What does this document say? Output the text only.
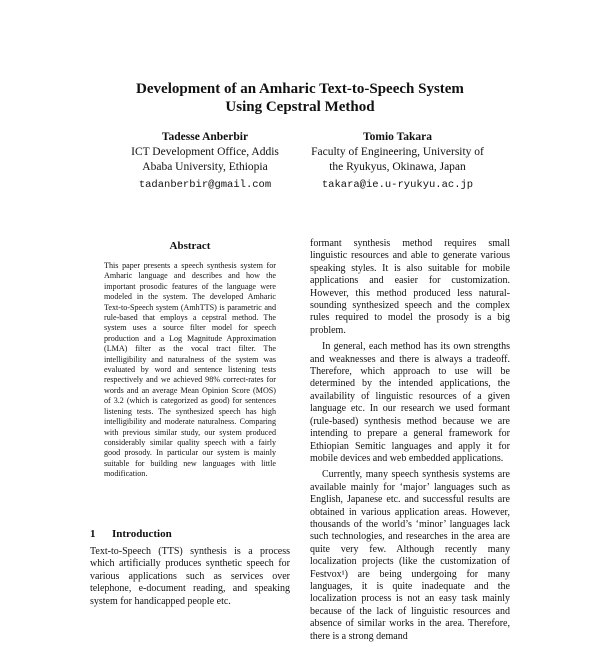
Development of an Amharic Text-to-Speech System
Using Cepstral Method
Tadesse Anberbir
ICT Development Office, Addis
Ababa University, Ethiopia
tadanberbir@gmail.com
Tomio Takara
Faculty of Engineering, University of
the Ryukyus, Okinawa, Japan
takara@ie.u-ryukyu.ac.jp
Abstract
This paper presents a speech synthesis system for Amharic language and describes and how the important prosodic features of the language were modeled in the system. The developed Amharic Text-to-Speech system (AmhTTS) is parametric and rule-based that employs a cepstral method. The system uses a source filter model for speech production and a Log Magnitude Approximation (LMA) filter as the vocal tract filter. The intelligibility and naturalness of the system was evaluated by word and sentence listening tests respectively and we achieved 98% correct-rates for words and an average Mean Opinion Score (MOS) of 3.2 (which is categorized as good) for sentences listening tests. The synthesized speech has high intelligibility and moderate naturalness. Comparing with previous similar study, our system produced considerably similar quality speech with a fairly good prosody. In particular our system is mainly suitable for building new languages with little modification.
1 Introduction
Text-to-Speech (TTS) synthesis is a process which artificially produces synthetic speech for various applications such as services over telephone, e-document reading, and speaking system for handicapped people etc.

formant synthesis method requires small linguistic resources and able to generate various speaking styles. It is also suitable for mobile applications and easier for customization. However, this method produced less natural-sounding synthesized speech and the complex rules required to model the prosody is a big problem.

In general, each method has its own strengths and weaknesses and there is always a tradeoff. Therefore, which approach to use will be determined by the intended applications, the availability of linguistic resources of a given language etc. In our research we used formant (rule-based) synthesis method because we are intending to prepare a general framework for Ethiopian Semitic languages and apply it for mobile devices and web embedded applications.

Currently, many speech synthesis systems are available mainly for ‘major’ languages such as English, Japanese etc. and successful results are obtained in various application areas. However, thousands of the world’s ‘minor’ languages lack such technologies, and researches in the area are quite very few. Although recently many localization projects (like the customization of Festvox¹) are being undergoing for many languages, it is quite inadequate and the localization process is not an easy task mainly because of the lack of linguistic resources and absence of similar works in the area. Therefore, there is a strong demand
